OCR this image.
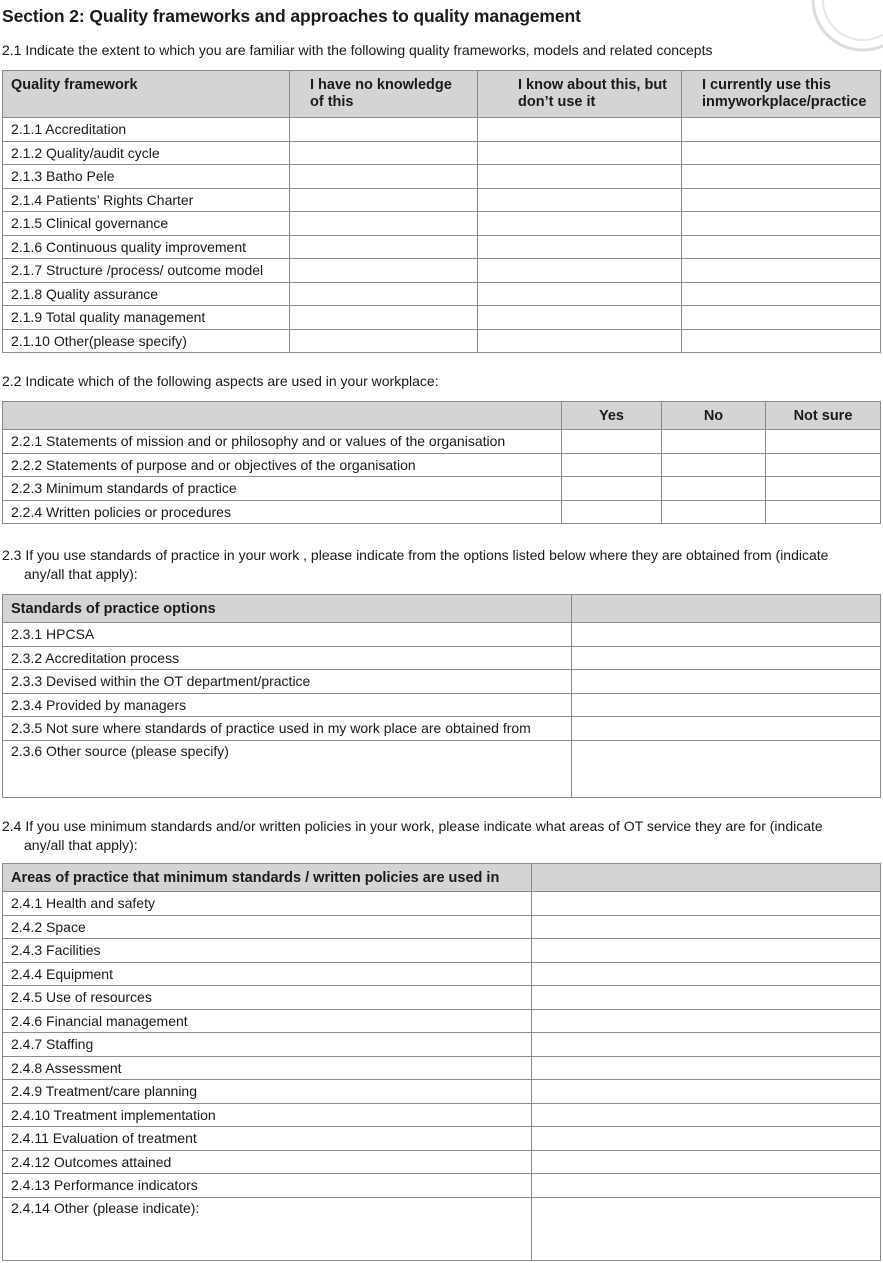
Section 2: Quality frameworks and approaches to quality management

2.1 Indicate the extent to which you are familiar with the following quality frameworks, models and related concepts

Quality framework	I have no knowledge of this	I know about this, but don’t use it	I currently use this inmyworkplace/practice
2.1.1 Accreditation			
2.1.2 Quality/audit cycle			
2.1.3 Batho Pele			
2.1.4 Patients’ Rights Charter			
2.1.5 Clinical governance			
2.1.6 Continuous quality improvement			
2.1.7 Structure /process/ outcome model			
2.1.8 Quality assurance			
2.1.9 Total quality management			
2.1.10 Other(please specify)			

2.2 Indicate which of the following aspects are used in your workplace:

	Yes	No	Not sure
2.2.1 Statements of mission and or philosophy and or values of the organisation			
2.2.2 Statements of purpose and or objectives of the organisation			
2.2.3 Minimum standards of practice			
2.2.4 Written policies or procedures			

2.3 If you use standards of practice in your work , please indicate from the options listed below where they are obtained from (indicate
any/all that apply):

Standards of practice options	
2.3.1 HPCSA	
2.3.2 Accreditation process	
2.3.3 Devised within the OT department/practice	
2.3.4 Provided by managers	
2.3.5 Not sure where standards of practice used in my work place are obtained from	
2.3.6 Other source (please specify)	

2.4 If you use minimum standards and/or written policies in your work, please indicate what areas of OT service they are for (indicate
any/all that apply):

Areas of practice that minimum standards / written policies are used in	
2.4.1 Health and safety	
2.4.2 Space	
2.4.3 Facilities	
2.4.4 Equipment	
2.4.5 Use of resources	
2.4.6 Financial management	
2.4.7 Staffing	
2.4.8 Assessment	
2.4.9 Treatment/care planning	
2.4.10 Treatment implementation	
2.4.11 Evaluation of treatment	
2.4.12 Outcomes attained	
2.4.13 Performance indicators	
2.4.14 Other (please indicate):	
